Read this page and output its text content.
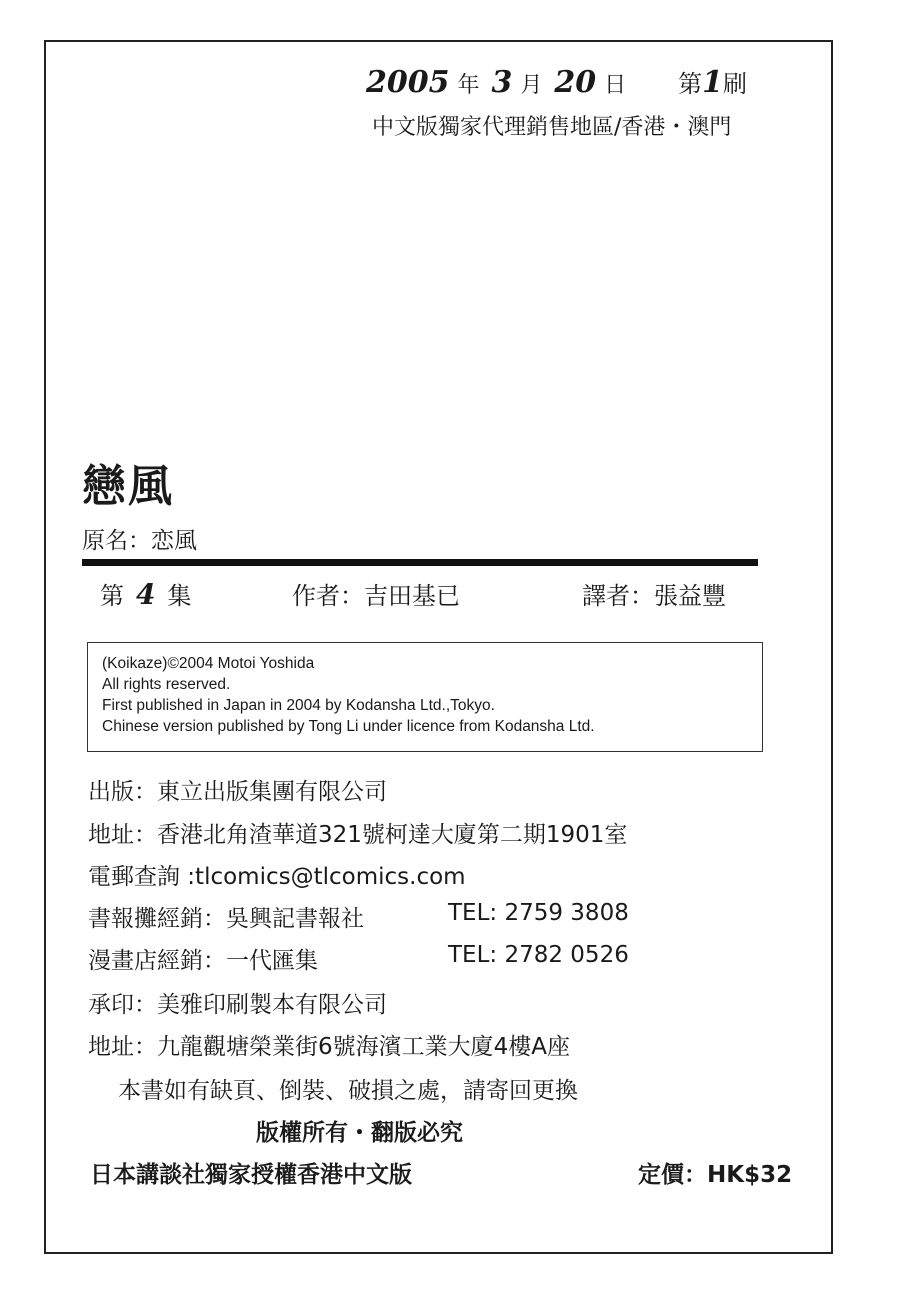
2005 年 3 月 20 日 第1刷
中文版獨家代理銷售地區/香港・澳門
戀風
原名：恋風
第 4 集	作者：吉田基已	譯者：張益豐
(Koikaze)©2004 Motoi Yoshida
All rights reserved.
First published in Japan in 2004 by Kodansha Ltd.,Tokyo.
Chinese version published by Tong Li under licence from Kodansha Ltd.
出版：東立出版集團有限公司
地址：香港北角渣華道321號柯達大廈第二期1901室
電郵查詢 :tlcomics@tlcomics.com
書報攤經銷：吳興記書報社	TEL: 2759 3808
漫畫店經銷：一代匯集	TEL: 2782 0526
承印：美雅印刷製本有限公司
地址：九龍觀塘榮業街6號海濱工業大廈4樓A座
本書如有缺頁、倒裝、破損之處，請寄回更換
版權所有・翻版必究
日本講談社獨家授權香港中文版	定價：HK$32
